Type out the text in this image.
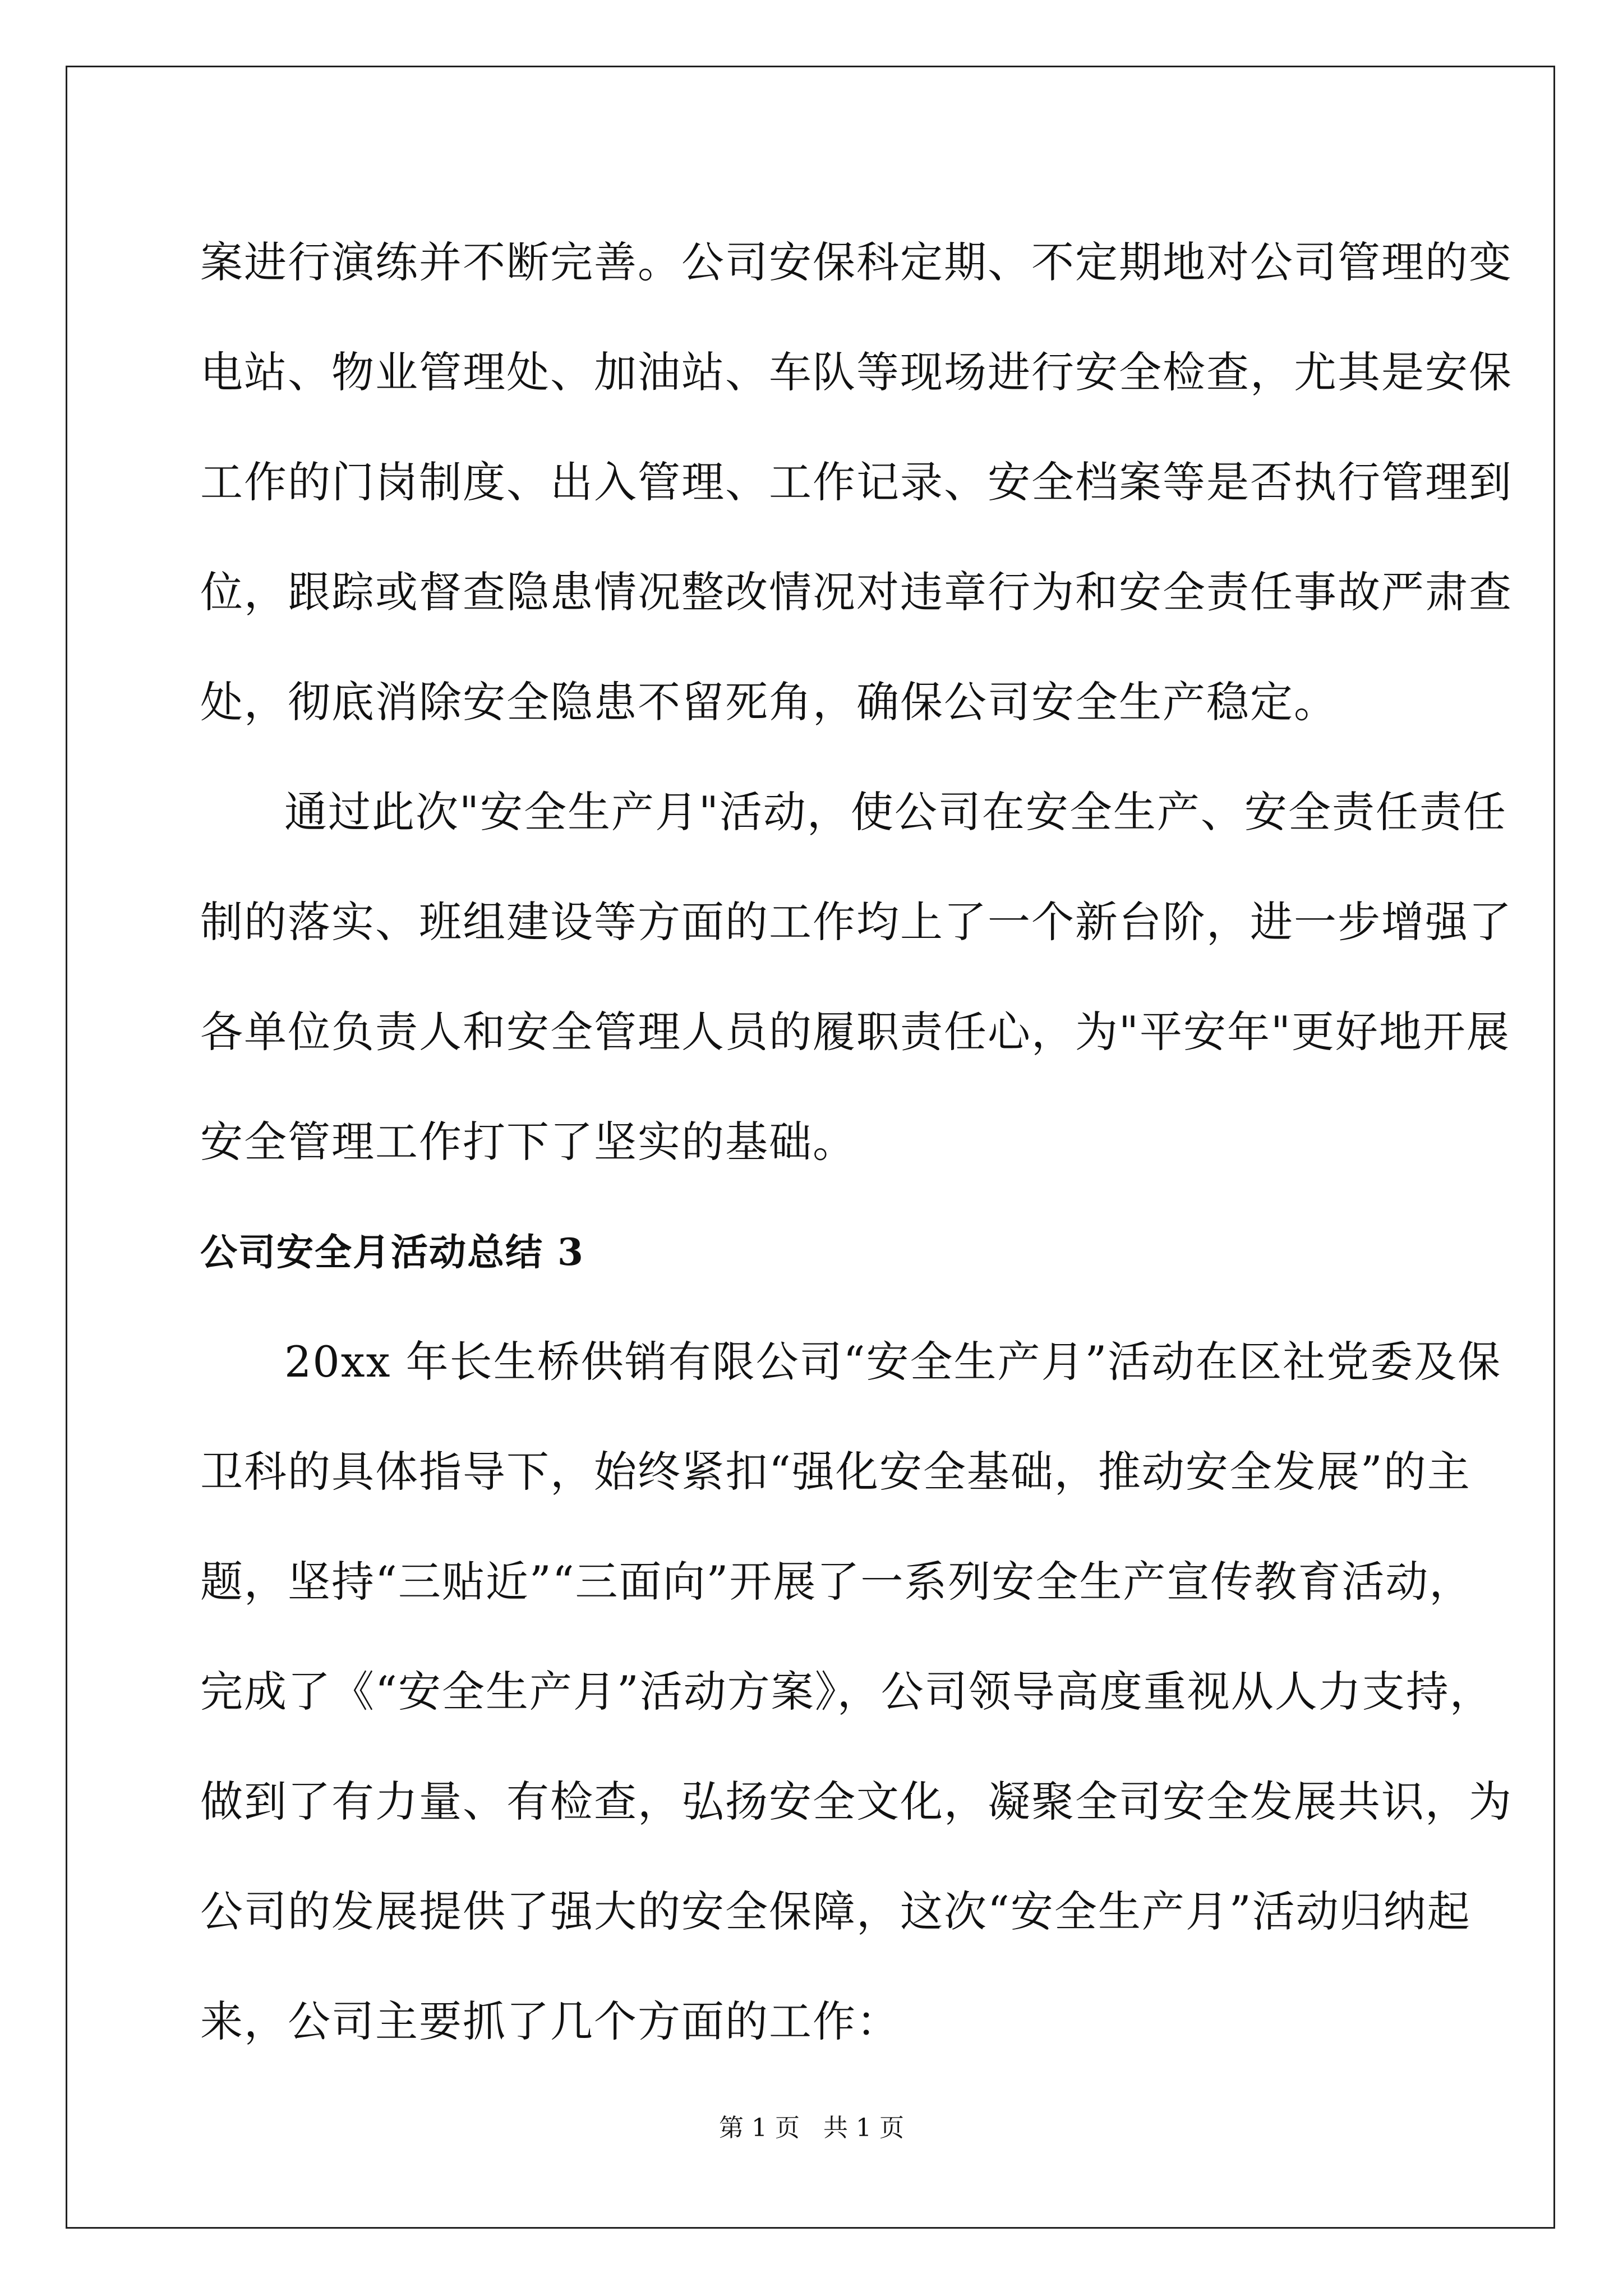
案进行演练并不断完善。公司安保科定期、不定期地对公司管理的变
电站、物业管理处、加油站、车队等现场进行安全检查，尤其是安保
工作的门岗制度、出入管理、工作记录、安全档案等是否执行管理到
位，跟踪或督查隐患情况整改情况对违章行为和安全责任事故严肃查
处，彻底消除安全隐患不留死角，确保公司安全生产稳定。

通过此次"安全生产月"活动，使公司在安全生产、安全责任责任
制的落实、班组建设等方面的工作均上了一个新台阶，进一步增强了
各单位负责人和安全管理人员的履职责任心，为"平安年"更好地开展
安全管理工作打下了坚实的基础。

公司安全月活动总结 3

20xx 年长生桥供销有限公司“安全生产月”活动在区社党委及保
卫科的具体指导下，始终紧扣“强化安全基础，推动安全发展”的主
题，坚持“三贴近”“三面向”开展了一系列安全生产宣传教育活动，
完成了《“安全生产月”活动方案》，公司领导高度重视从人力支持，
做到了有力量、有检查，弘扬安全文化，凝聚全司安全发展共识，为
公司的发展提供了强大的安全保障，这次“安全生产月”活动归纳起
来，公司主要抓了几个方面的工作：

第 1 页   共 1 页
